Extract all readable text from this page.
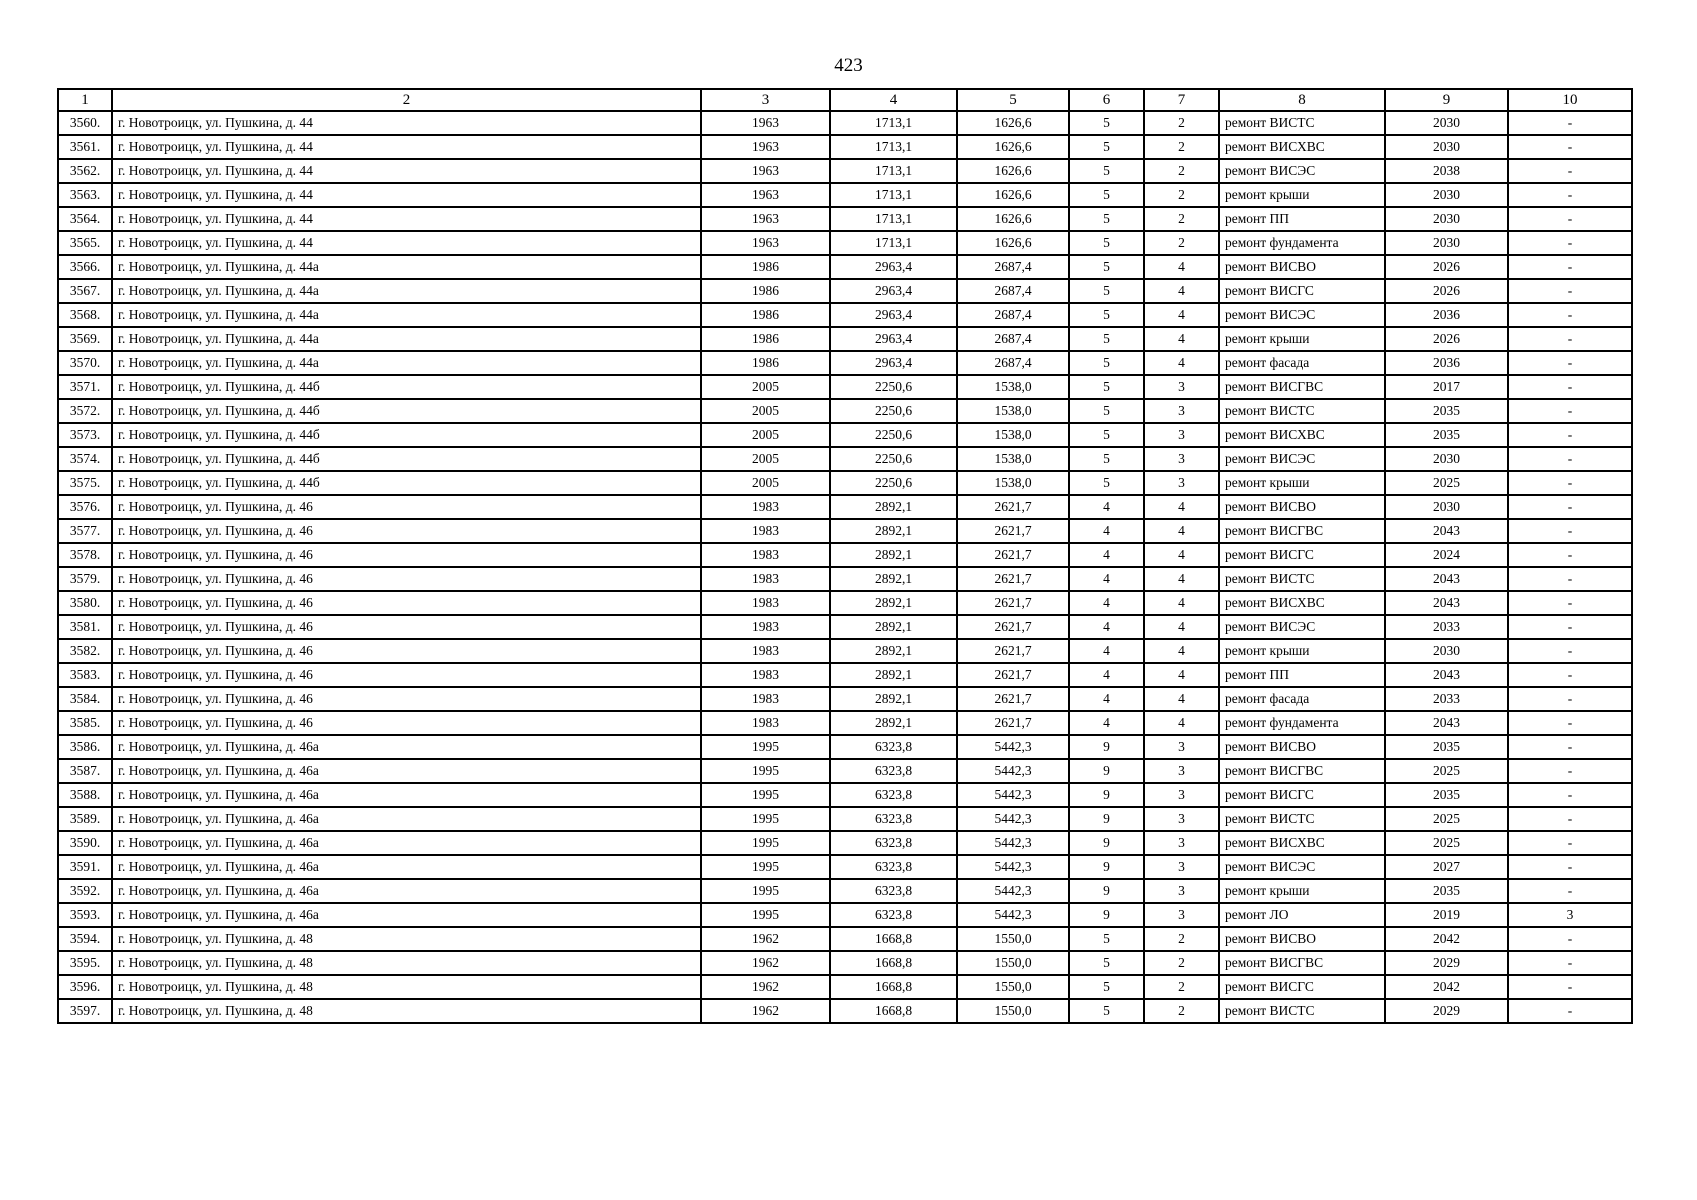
423
1	2	3	4	5	6	7	8	9	10
3560.	г. Новотроицк, ул. Пушкина, д. 44	1963	1713,1	1626,6	5	2	ремонт ВИСТС	2030	-
3561.	г. Новотроицк, ул. Пушкина, д. 44	1963	1713,1	1626,6	5	2	ремонт ВИСХВС	2030	-
3562.	г. Новотроицк, ул. Пушкина, д. 44	1963	1713,1	1626,6	5	2	ремонт ВИСЭС	2038	-
3563.	г. Новотроицк, ул. Пушкина, д. 44	1963	1713,1	1626,6	5	2	ремонт крыши	2030	-
3564.	г. Новотроицк, ул. Пушкина, д. 44	1963	1713,1	1626,6	5	2	ремонт ПП	2030	-
3565.	г. Новотроицк, ул. Пушкина, д. 44	1963	1713,1	1626,6	5	2	ремонт фундамента	2030	-
3566.	г. Новотроицк, ул. Пушкина, д. 44а	1986	2963,4	2687,4	5	4	ремонт ВИСВО	2026	-
3567.	г. Новотроицк, ул. Пушкина, д. 44а	1986	2963,4	2687,4	5	4	ремонт ВИСГС	2026	-
3568.	г. Новотроицк, ул. Пушкина, д. 44а	1986	2963,4	2687,4	5	4	ремонт ВИСЭС	2036	-
3569.	г. Новотроицк, ул. Пушкина, д. 44а	1986	2963,4	2687,4	5	4	ремонт крыши	2026	-
3570.	г. Новотроицк, ул. Пушкина, д. 44а	1986	2963,4	2687,4	5	4	ремонт фасада	2036	-
3571.	г. Новотроицк, ул. Пушкина, д. 44б	2005	2250,6	1538,0	5	3	ремонт ВИСГВС	2017	-
3572.	г. Новотроицк, ул. Пушкина, д. 44б	2005	2250,6	1538,0	5	3	ремонт ВИСТС	2035	-
3573.	г. Новотроицк, ул. Пушкина, д. 44б	2005	2250,6	1538,0	5	3	ремонт ВИСХВС	2035	-
3574.	г. Новотроицк, ул. Пушкина, д. 44б	2005	2250,6	1538,0	5	3	ремонт ВИСЭС	2030	-
3575.	г. Новотроицк, ул. Пушкина, д. 44б	2005	2250,6	1538,0	5	3	ремонт крыши	2025	-
3576.	г. Новотроицк, ул. Пушкина, д. 46	1983	2892,1	2621,7	4	4	ремонт ВИСВО	2030	-
3577.	г. Новотроицк, ул. Пушкина, д. 46	1983	2892,1	2621,7	4	4	ремонт ВИСГВС	2043	-
3578.	г. Новотроицк, ул. Пушкина, д. 46	1983	2892,1	2621,7	4	4	ремонт ВИСГС	2024	-
3579.	г. Новотроицк, ул. Пушкина, д. 46	1983	2892,1	2621,7	4	4	ремонт ВИСТС	2043	-
3580.	г. Новотроицк, ул. Пушкина, д. 46	1983	2892,1	2621,7	4	4	ремонт ВИСХВС	2043	-
3581.	г. Новотроицк, ул. Пушкина, д. 46	1983	2892,1	2621,7	4	4	ремонт ВИСЭС	2033	-
3582.	г. Новотроицк, ул. Пушкина, д. 46	1983	2892,1	2621,7	4	4	ремонт крыши	2030	-
3583.	г. Новотроицк, ул. Пушкина, д. 46	1983	2892,1	2621,7	4	4	ремонт ПП	2043	-
3584.	г. Новотроицк, ул. Пушкина, д. 46	1983	2892,1	2621,7	4	4	ремонт фасада	2033	-
3585.	г. Новотроицк, ул. Пушкина, д. 46	1983	2892,1	2621,7	4	4	ремонт фундамента	2043	-
3586.	г. Новотроицк, ул. Пушкина, д. 46а	1995	6323,8	5442,3	9	3	ремонт ВИСВО	2035	-
3587.	г. Новотроицк, ул. Пушкина, д. 46а	1995	6323,8	5442,3	9	3	ремонт ВИСГВС	2025	-
3588.	г. Новотроицк, ул. Пушкина, д. 46а	1995	6323,8	5442,3	9	3	ремонт ВИСГС	2035	-
3589.	г. Новотроицк, ул. Пушкина, д. 46а	1995	6323,8	5442,3	9	3	ремонт ВИСТС	2025	-
3590.	г. Новотроицк, ул. Пушкина, д. 46а	1995	6323,8	5442,3	9	3	ремонт ВИСХВС	2025	-
3591.	г. Новотроицк, ул. Пушкина, д. 46а	1995	6323,8	5442,3	9	3	ремонт ВИСЭС	2027	-
3592.	г. Новотроицк, ул. Пушкина, д. 46а	1995	6323,8	5442,3	9	3	ремонт крыши	2035	-
3593.	г. Новотроицк, ул. Пушкина, д. 46а	1995	6323,8	5442,3	9	3	ремонт ЛО	2019	3
3594.	г. Новотроицк, ул. Пушкина, д. 48	1962	1668,8	1550,0	5	2	ремонт ВИСВО	2042	-
3595.	г. Новотроицк, ул. Пушкина, д. 48	1962	1668,8	1550,0	5	2	ремонт ВИСГВС	2029	-
3596.	г. Новотроицк, ул. Пушкина, д. 48	1962	1668,8	1550,0	5	2	ремонт ВИСГС	2042	-
3597.	г. Новотроицк, ул. Пушкина, д. 48	1962	1668,8	1550,0	5	2	ремонт ВИСТС	2029	-
